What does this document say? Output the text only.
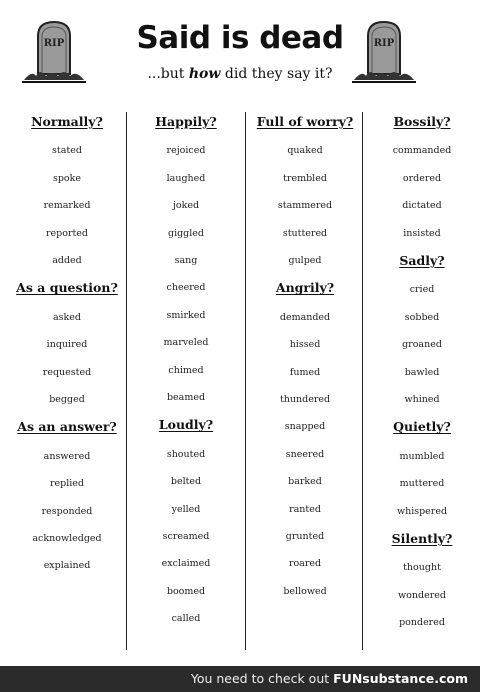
RIP	Said is dead
...but how did they say it?
RIP
Normally?
stated
spoke
remarked
reported
added
As a question?
asked
inquired
requested
begged
As an answer?
answered
replied
responded
acknowledged
explained
Happily?
rejoiced
laughed
joked
giggled
sang
cheered
smirked
marveled
chimed
beamed
Loudly?
shouted
belted
yelled
screamed
exclaimed
boomed
called
Full of worry?
quaked
trembled
stammered
stuttered
gulped
Angrily?
demanded
hissed
fumed
thundered
snapped
sneered
barked
ranted
grunted
roared
bellowed
Bossily?
commanded
ordered
dictated
insisted
Sadly?
cried
sobbed
groaned
bawled
whined
Quietly?
mumbled
muttered
whispered
Silently?
thought
wondered
pondered
You need to check out FUNsubstance.com
